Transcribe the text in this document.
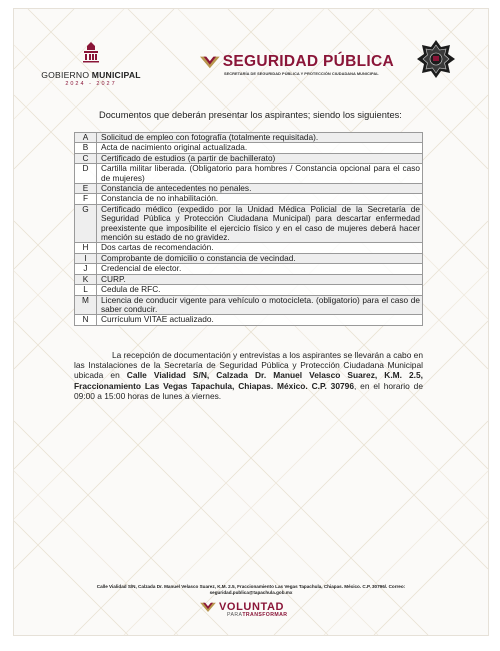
GOBIERNO MUNICIPAL
2024 - 2027
SEGURIDAD PÚBLICA
SECRETARÍA DE SEGURIDAD PÚBLICA Y PROTECCIÓN CIUDADANA MUNICIPAL
Documentos que deberán presentar los aspirantes; siendo los siguientes:
A	Solicitud de empleo con fotografía (totalmente requisitada).
B	Acta de nacimiento original actualizada.
C	Certificado de estudios (a partir de bachillerato)
D	Cartilla militar liberada. (Obligatorio para hombres / Constancia opcional para el caso de mujeres)
E	Constancia de antecedentes no penales.
F	Constancia de no inhabilitación.
G	Certificado médico (expedido por la Unidad Médica Policial de la Secretaría de Seguridad Pública y Protección Ciudadana Municipal) para descartar enfermedad preexistente que imposibilite el ejercicio físico y en el caso de mujeres deberá hacer mención su estado de no gravidez.
H	Dos cartas de recomendación.
I	Comprobante de domicilio o constancia de vecindad.
J	Credencial de elector.
K	CURP.
L	Cedula de RFC.
M	Licencia de conducir vigente para vehículo o motocicleta. (obligatorio) para el caso de saber conducir.
N	Currículum VITAE actualizado.

La recepción de documentación y entrevistas a los aspirantes se llevarán a cabo en las Instalaciones de la Secretaría de Seguridad Pública y Protección Ciudadana Municipal ubicada en Calle Vialidad S/N, Calzada Dr. Manuel Velasco Suarez, K.M. 2.5, Fraccionamiento Las Vegas Tapachula, Chiapas. México. C.P. 30796, en el horario de 09:00 a 15:00 horas de lunes a viernes.

Calle Vialidad S/N, Calzada Dr. Manuel Velasco Suarez, K.M. 2.5, Fraccionamiento Las Vegas Tapachula, Chiapas. México. C.P. 30796/. Correo:
seguridad.publica@tapachula.gob.mx
VOLUNTAD
PARATRANSFORMAR
